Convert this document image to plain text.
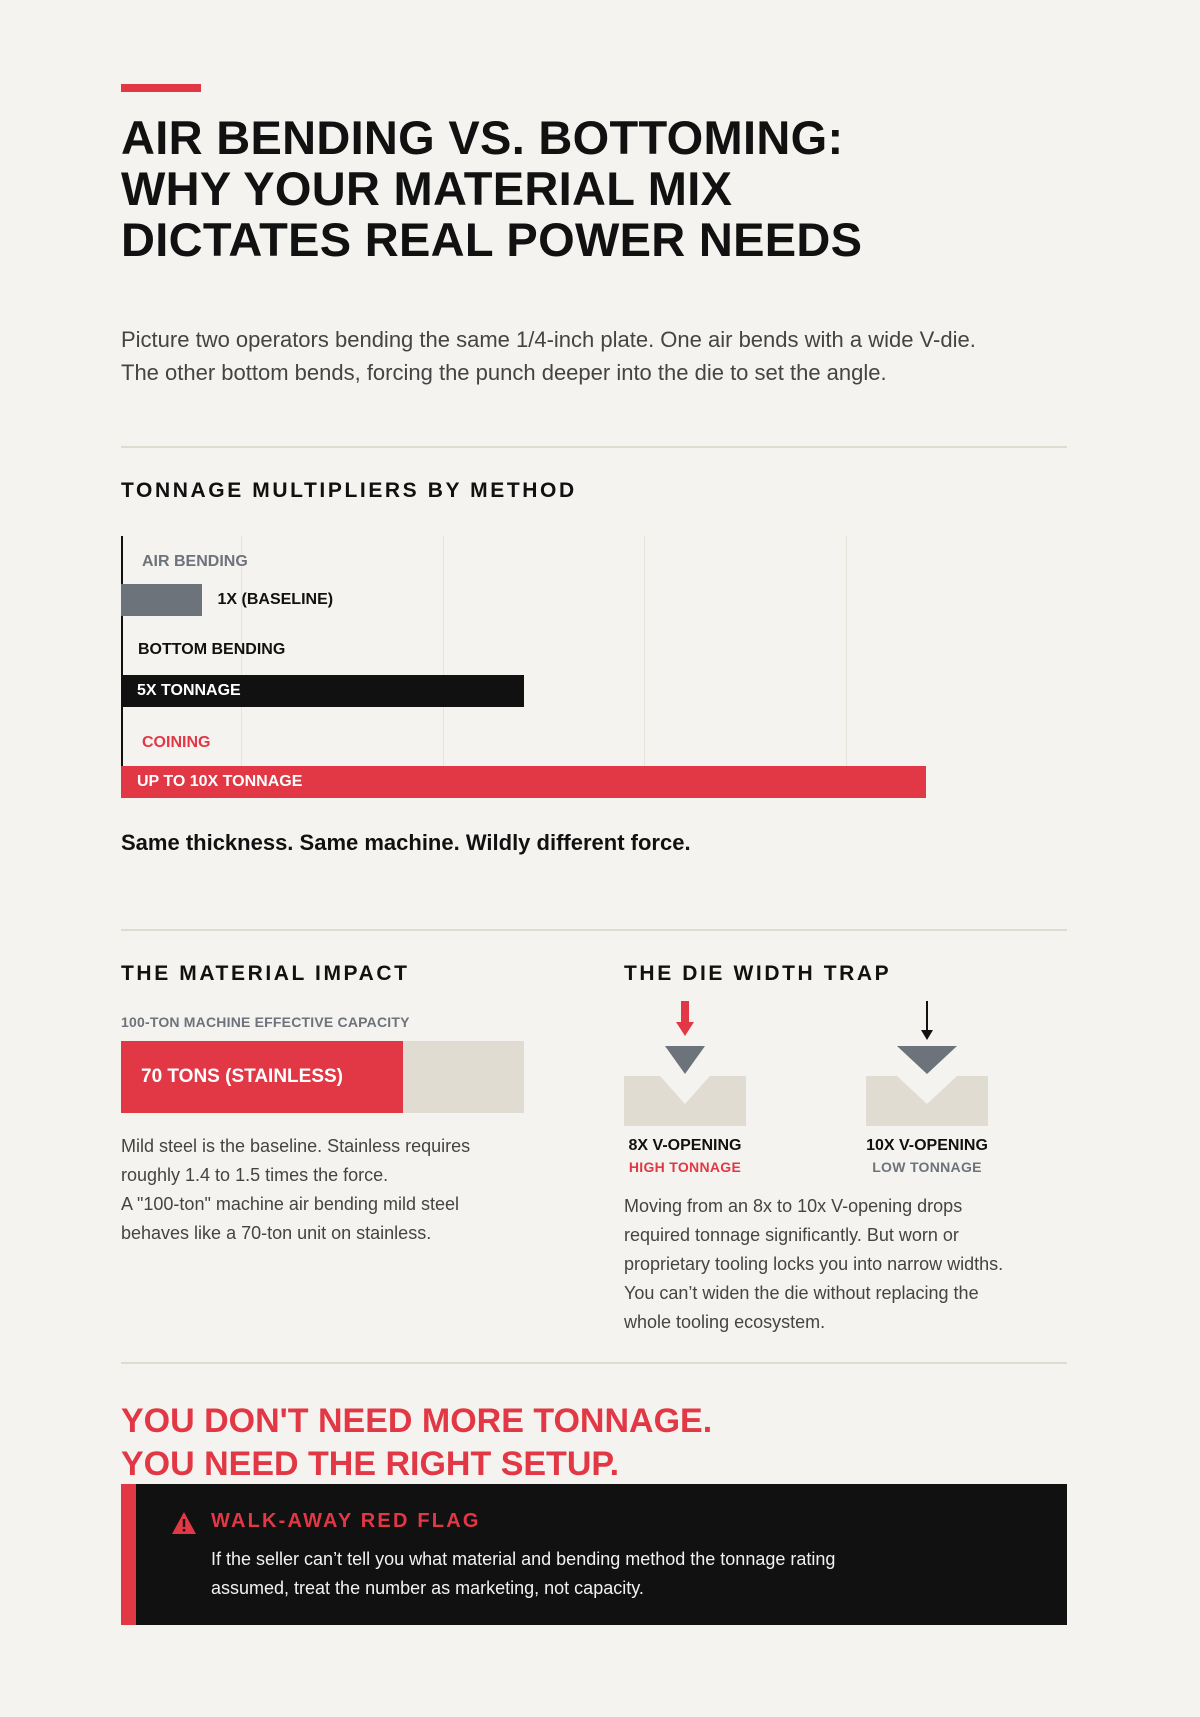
AIR BENDING VS. BOTTOMING:
WHY YOUR MATERIAL MIX
DICTATES REAL POWER NEEDS

Picture two operators bending the same 1/4-inch plate. One air bends with a wide V-die.
The other bottom bends, forcing the punch deeper into the die to set the angle.

TONNAGE MULTIPLIERS BY METHOD
AIR BENDING
1X (BASELINE)
BOTTOM BENDING
5X TONNAGE
COINING
UP TO 10X TONNAGE

Same thickness. Same machine. Wildly different force.

THE MATERIAL IMPACT
100-TON MACHINE EFFECTIVE CAPACITY
70 TONS (STAINLESS)

Mild steel is the baseline. Stainless requires
roughly 1.4 to 1.5 times the force.
A "100-ton" machine air bending mild steel
behaves like a 70-ton unit on stainless.

THE DIE WIDTH TRAP
8X V-OPENING
HIGH TONNAGE
10X V-OPENING
LOW TONNAGE

Moving from an 8x to 10x V-opening drops
required tonnage significantly. But worn or
proprietary tooling locks you into narrow widths.
You can’t widen the die without replacing the
whole tooling ecosystem.

YOU DON'T NEED MORE TONNAGE.
YOU NEED THE RIGHT SETUP.
WALK-AWAY RED FLAG

If the seller can’t tell you what material and bending method the tonnage rating
assumed, treat the number as marketing, not capacity.
